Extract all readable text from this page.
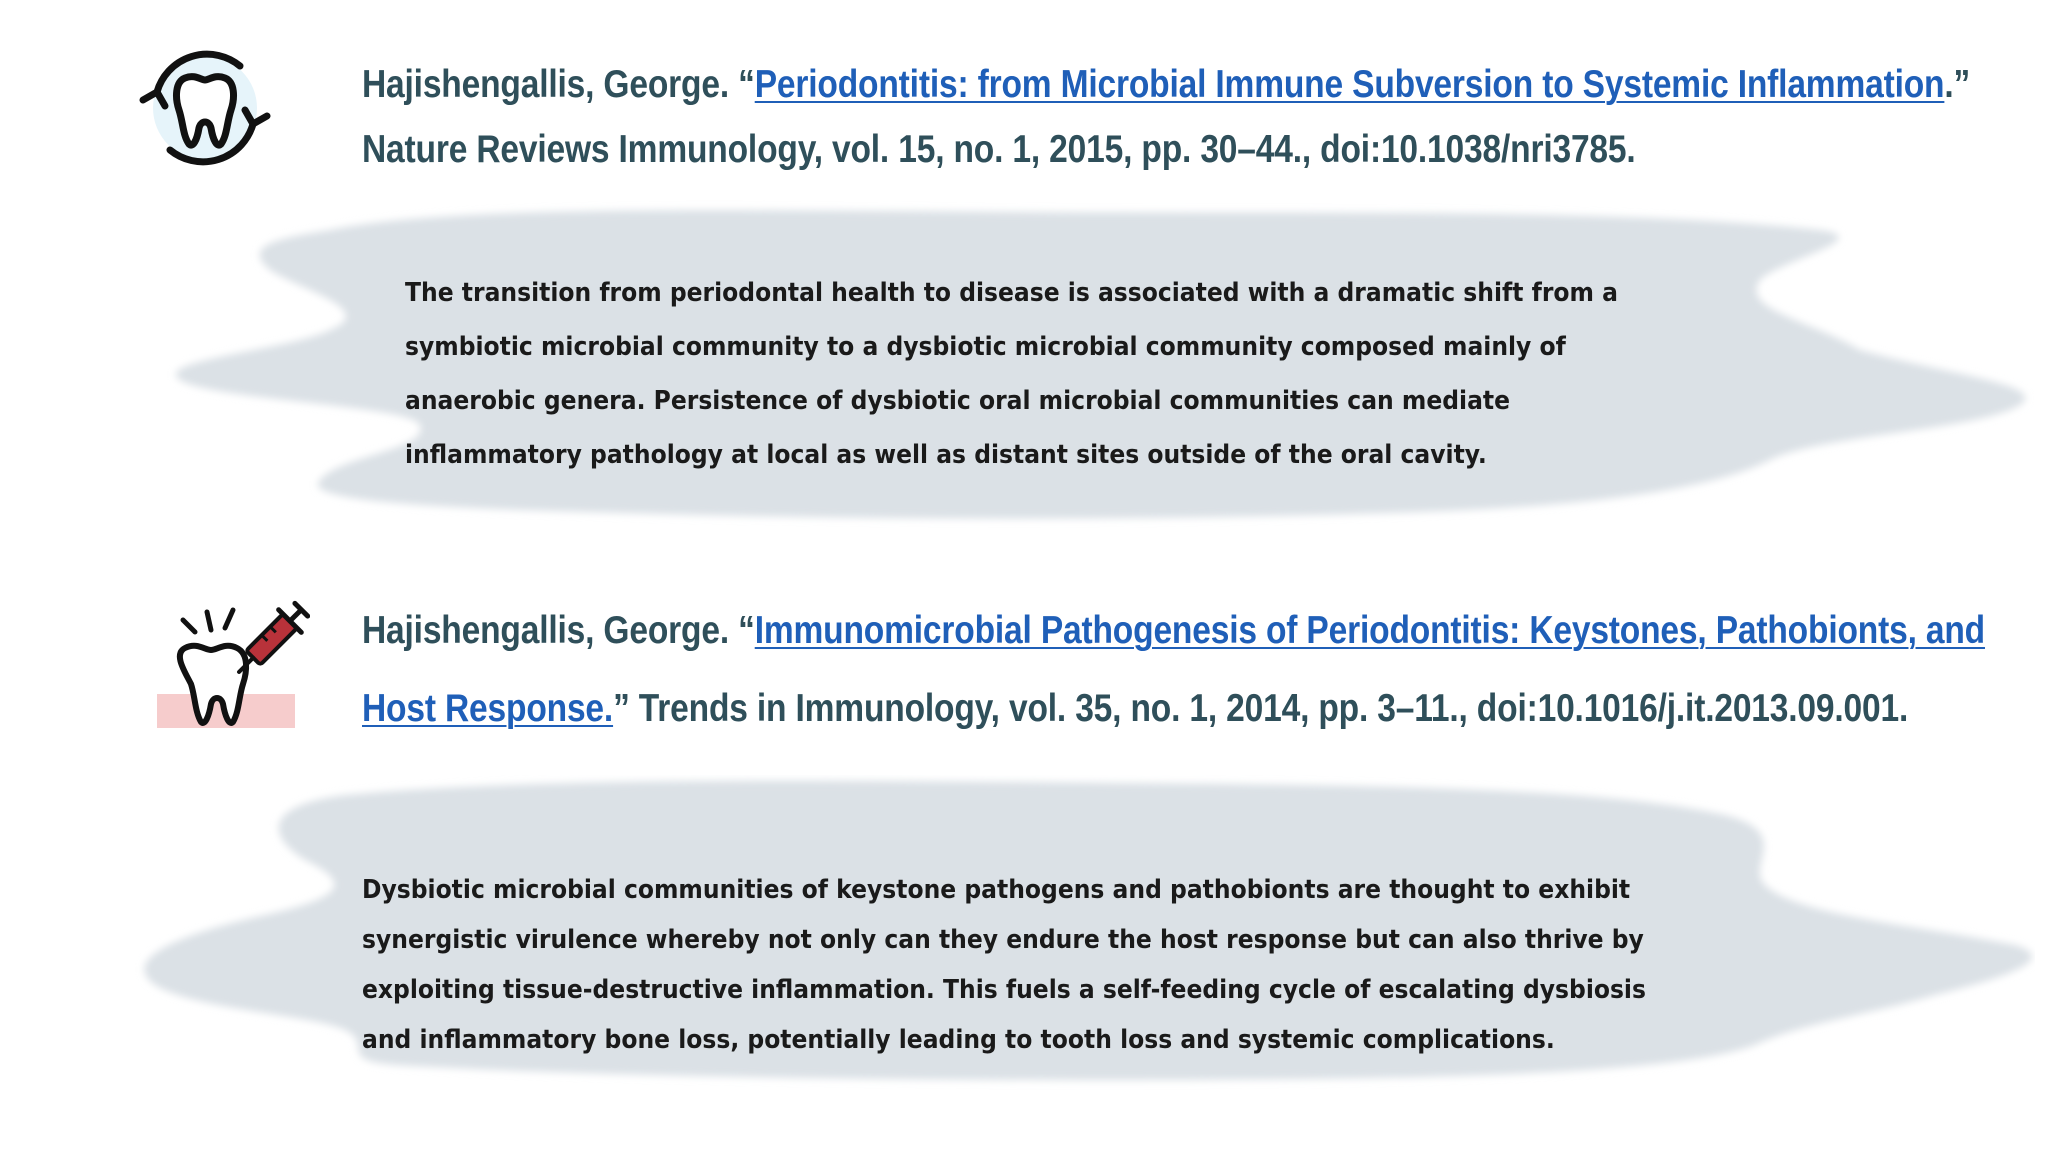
Hajishengallis, George. “Periodontitis: from Microbial Immune Subversion to Systemic Inflammation.” Nature Reviews Immunology, vol. 15, no. 1, 2015, pp. 30–44., doi:10.1038/nri3785.
The transition from periodontal health to disease is associated with a dramatic shift from a symbiotic microbial community to a dysbiotic microbial community composed mainly of anaerobic genera. Persistence of dysbiotic oral microbial communities can mediate inflammatory pathology at local as well as distant sites outside of the oral cavity.
Hajishengallis, George. “Immunomicrobial Pathogenesis of Periodontitis: Keystones, Pathobionts, and Host Response.” Trends in Immunology, vol. 35, no. 1, 2014, pp. 3–11., doi:10.1016/j.it.2013.09.001.
Dysbiotic microbial communities of keystone pathogens and pathobionts are thought to exhibit synergistic virulence whereby not only can they endure the host response but can also thrive by exploiting tissue-destructive inflammation. This fuels a self-feeding cycle of escalating dysbiosis and inflammatory bone loss, potentially leading to tooth loss and systemic complications.
